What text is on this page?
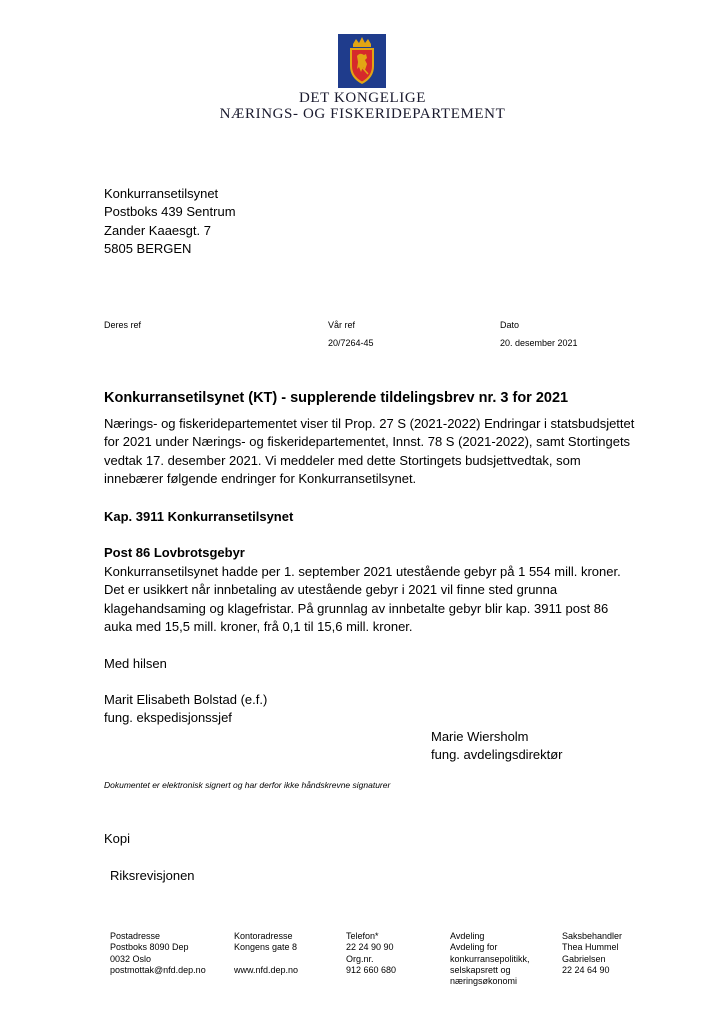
DET KONGELIGE
NÆRINGS- OG FISKERIDEPARTEMENT
Konkurransetilsynet
Postboks 439 Sentrum
Zander Kaaesgt. 7
5805 BERGEN
Deres ref	Vår ref
20/7264-45
Dato
20. desember 2021
Konkurransetilsynet (KT) - supplerende tildelingsbrev nr. 3 for 2021
Nærings- og fiskeridepartementet viser til Prop. 27 S (2021-2022) Endringar i statsbudsjettet
for 2021 under Nærings- og fiskeridepartementet, Innst. 78 S (2021-2022), samt Stortingets
vedtak 17. desember 2021. Vi meddeler med dette Stortingets budsjettvedtak, som
innebærer følgende endringer for Konkurransetilsynet.
Kap. 3911 Konkurransetilsynet
Post 86 Lovbrotsgebyr
Konkurransetilsynet hadde per 1. september 2021 utestående gebyr på 1 554 mill. kroner.
Det er usikkert når innbetaling av utestående gebyr i 2021 vil finne sted grunna
klagehandsaming og klagefristar. På grunnlag av innbetalte gebyr blir kap. 3911 post 86
auka med 15,5 mill. kroner, frå 0,1 til 15,6 mill. kroner.
Med hilsen
Marit Elisabeth Bolstad (e.f.)
fung. ekspedisjonssjef
Marie Wiersholm
fung. avdelingsdirektør
Dokumentet er elektronisk signert og har derfor ikke håndskrevne signaturer
Kopi
Riksrevisjonen
Postadresse
Postboks 8090 Dep
0032 Oslo
postmottak@nfd.dep.no
Kontoradresse
Kongens gate 8

www.nfd.dep.no
Telefon*
22 24 90 90
Org.nr.
912 660 680
Avdeling
Avdeling for
konkurransepolitikk,
selskapsrett og
næringsøkonomi
Saksbehandler
Thea Hummel
Gabrielsen
22 24 64 90
